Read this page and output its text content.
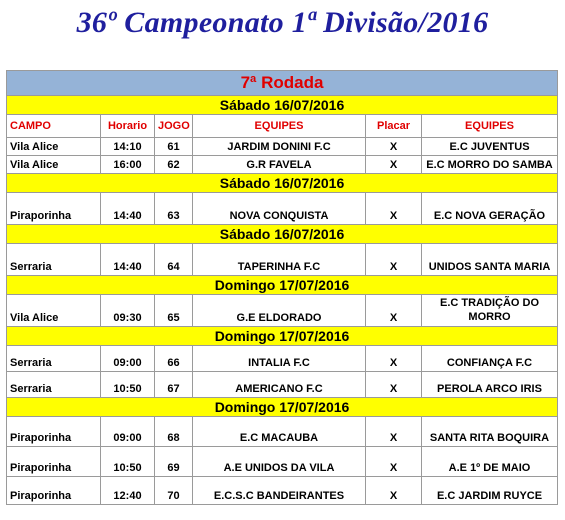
36º Campeonato 1ª Divisão/2016
7ª Rodada					
Sábado 16/07/2016					
CAMPO	Horario	JOGO	EQUIPES	Placar	EQUIPES
Vila Alice	14:10	61	JARDIM DONINI F.C	X	E.C JUVENTUS
Vila Alice	16:00	62	G.R FAVELA	X	E.C MORRO DO SAMBA
Sábado 16/07/2016					
Piraporinha	14:40	63	NOVA CONQUISTA	X	E.C NOVA GERAÇÃO
Sábado 16/07/2016					
Serraria	14:40	64	TAPERINHA F.C	X	UNIDOS SANTA MARIA
Domingo 17/07/2016					
Vila Alice	09:30	65	G.E ELDORADO	X	E.C TRADIÇÃO DO MORRO
Domingo 17/07/2016					
Serraria	09:00	66	INTALIA F.C	X	CONFIANÇA F.C
Serraria	10:50	67	AMERICANO F.C	X	PEROLA ARCO IRIS
Domingo 17/07/2016					
Piraporinha	09:00	68	E.C MACAUBA	X	SANTA RITA BOQUIRA
Piraporinha	10:50	69	A.E UNIDOS DA VILA	X	A.E 1º DE MAIO
Piraporinha	12:40	70	E.C.S.C BANDEIRANTES	X	E.C JARDIM RUYCE
